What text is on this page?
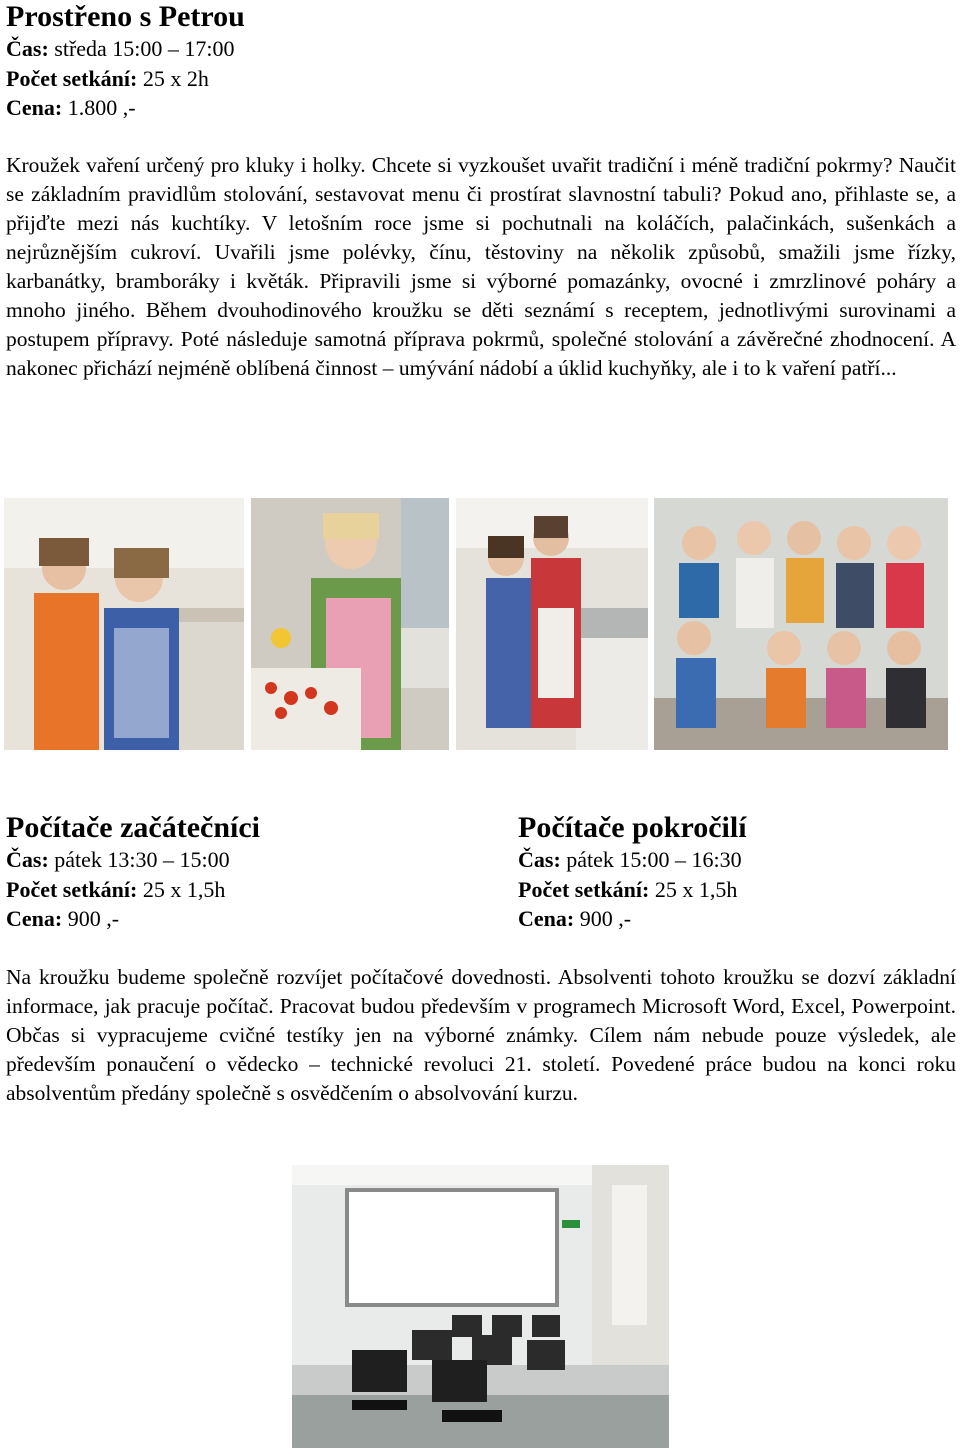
Prostřeno s Petrou
Čas: středa 15:00 – 17:00
Počet setkání: 25 x 2h
Cena: 1.800 ,-
Kroužek vaření určený pro kluky i holky. Chcete si vyzkoušet uvařit tradiční i méně tradiční pokrmy? Naučit se základním pravidlům stolování, sestavovat menu či prostírat slavnostní tabuli? Pokud ano, přihlaste se, a přijďte mezi nás kuchtíky. V letošním roce jsme si pochutnali na koláčích, palačinkách, sušenkách a nejrůznějším cukroví. Uvařili jsme polévky, čínu, těstoviny na několik způsobů, smažili jsme řízky, karbanátky, bramboráky i květák. Připravili jsme si výborné pomazánky, ovocné i zmrzlinové poháry a mnoho jiného. Během dvouhodinového kroužku se děti seznámí s receptem, jednotlivými surovinami a postupem přípravy. Poté následuje samotná příprava pokrmů, společné stolování a závěrečné zhodnocení. A nakonec přichází nejméně oblíbená činnost – umývání nádobí a úklid kuchyňky, ale i to k vaření patří...
Počítače začátečníci
Čas: pátek 13:30 – 15:00
Počet setkání: 25 x 1,5h
Cena: 900 ,-
Počítače pokročilí
Čas: pátek 15:00 – 16:30
Počet setkání: 25 x 1,5h
Cena: 900 ,-
Na kroužku budeme společně rozvíjet počítačové dovednosti. Absolventi tohoto kroužku se dozví základní informace, jak pracuje počítač. Pracovat budou především v programech Microsoft Word, Excel, Powerpoint. Občas si vypracujeme cvičné testíky jen na výborné známky. Cílem nám nebude pouze výsledek, ale především ponaučení o vědecko – technické revoluci 21. století. Povedené práce budou na konci roku absolventům předány společně s osvědčením o absolvování kurzu.
